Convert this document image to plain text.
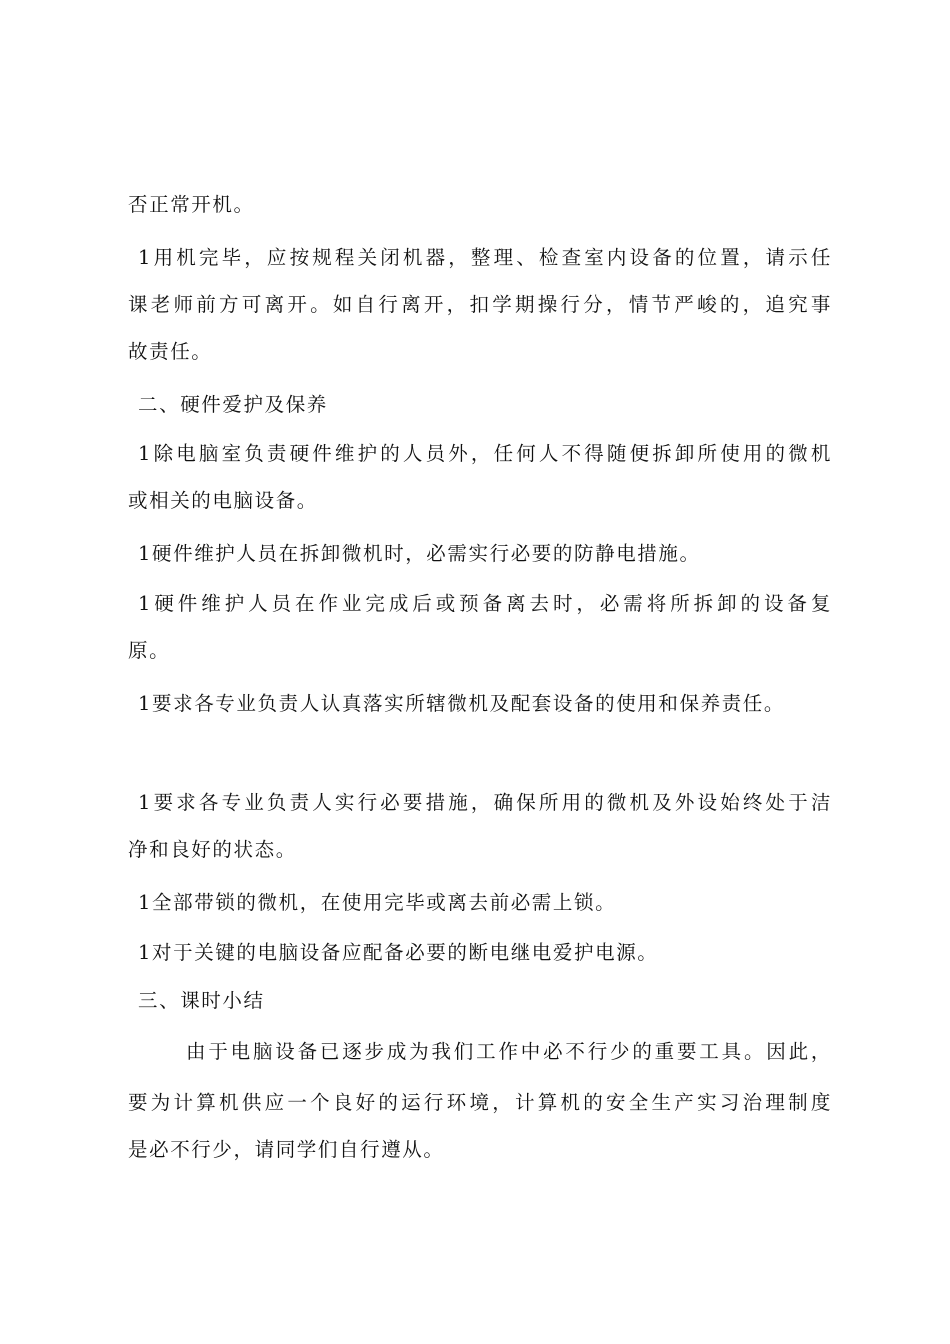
否正常开机。

1用机完毕，应按规程关闭机器，整理、检查室内设备的位置，请示任
课老师前方可离开。如自行离开，扣学期操行分，情节严峻的，追究事
故责任。
二、硬件爱护及保养
1除电脑室负责硬件维护的人员外，任何人不得随便拆卸所使用的微机
或相关的电脑设备。
1硬件维护人员在拆卸微机时，必需实行必要的防静电措施。
1硬件维护人员在作业完成后或预备离去时，必需将所拆卸的设备复
原。
1要求各专业负责人认真落实所辖微机及配套设备的使用和保养责任。
1要求各专业负责人实行必要措施，确保所用的微机及外设始终处于洁
净和良好的状态。
1全部带锁的微机，在使用完毕或离去前必需上锁。
1对于关键的电脑设备应配备必要的断电继电爱护电源。
三、课时小结
由于电脑设备已逐步成为我们工作中必不行少的重要工具。因此，
要为计算机供应一个良好的运行环境，计算机的安全生产实习治理制度
是必不行少，请同学们自行遵从。
